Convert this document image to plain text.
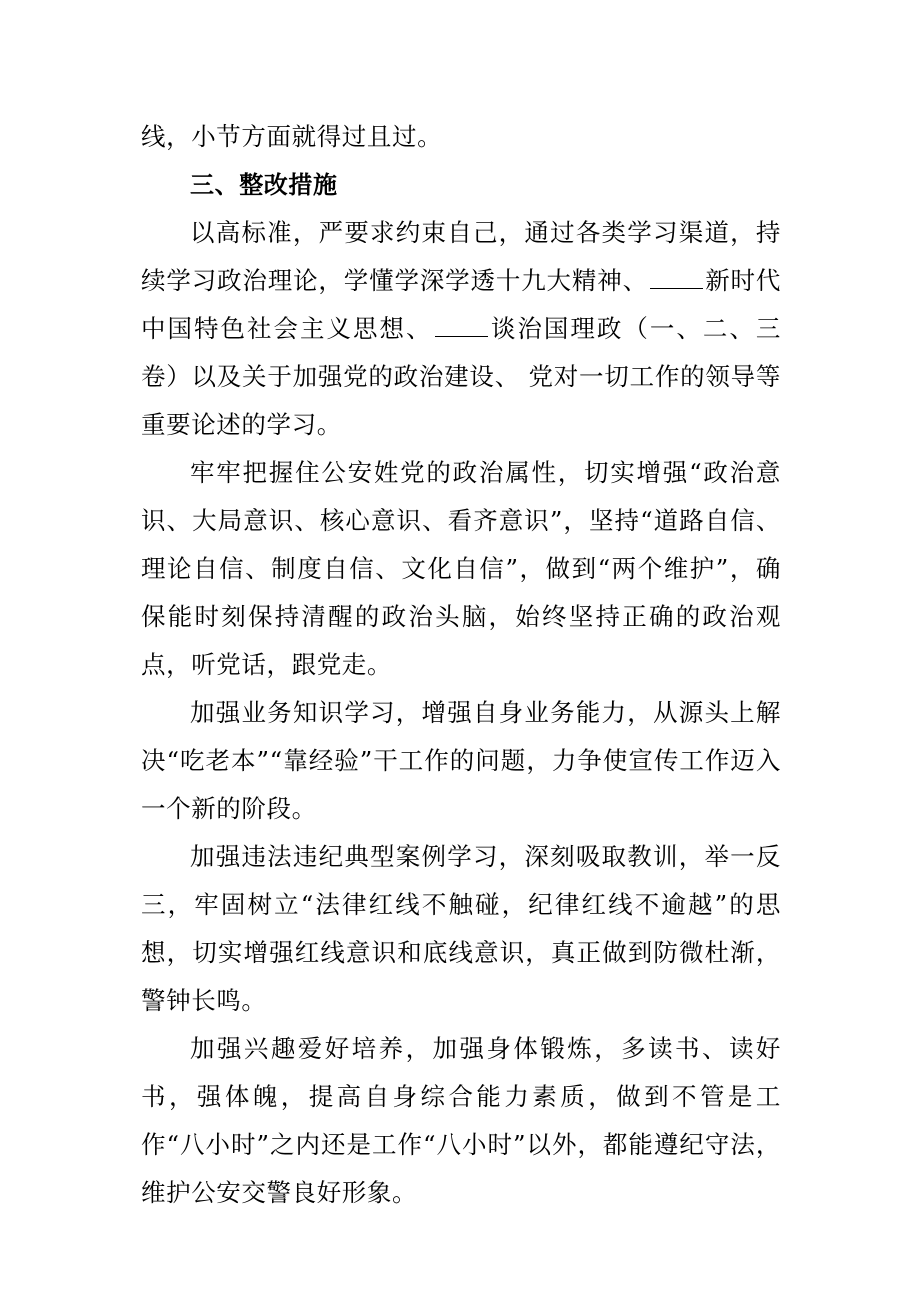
线，小节方面就得过且过。

三、整改措施

以高标准，严要求约束自己，通过各类学习渠道，持续学习政治理论，学懂学深学透十九大精神、 新时代中国特色社会主义思想、 谈治国理政（一、二、三卷）以及关于加强党的政治建设、 党对一切工作的领导等重要论述的学习。

牢牢把握住公安姓党的政治属性，切实增强“政治意识、大局意识、核心意识、看齐意识”，坚持“道路自信、理论自信、制度自信、文化自信”，做到“两个维护”，确保能时刻保持清醒的政治头脑，始终坚持正确的政治观点，听党话，跟党走。

加强业务知识学习，增强自身业务能力，从源头上解决“吃老本”“靠经验”干工作的问题，力争使宣传工作迈入一个新的阶段。

加强违法违纪典型案例学习，深刻吸取教训，举一反三，牢固树立“法律红线不触碰，纪律红线不逾越”的思想，切实增强红线意识和底线意识，真正做到防微杜渐，警钟长鸣。

加强兴趣爱好培养，加强身体锻炼，多读书、读好书，强体魄，提高自身综合能力素质，做到不管是工作“八小时”之内还是工作“八小时”以外，都能遵纪守法，维护公安交警良好形象。
